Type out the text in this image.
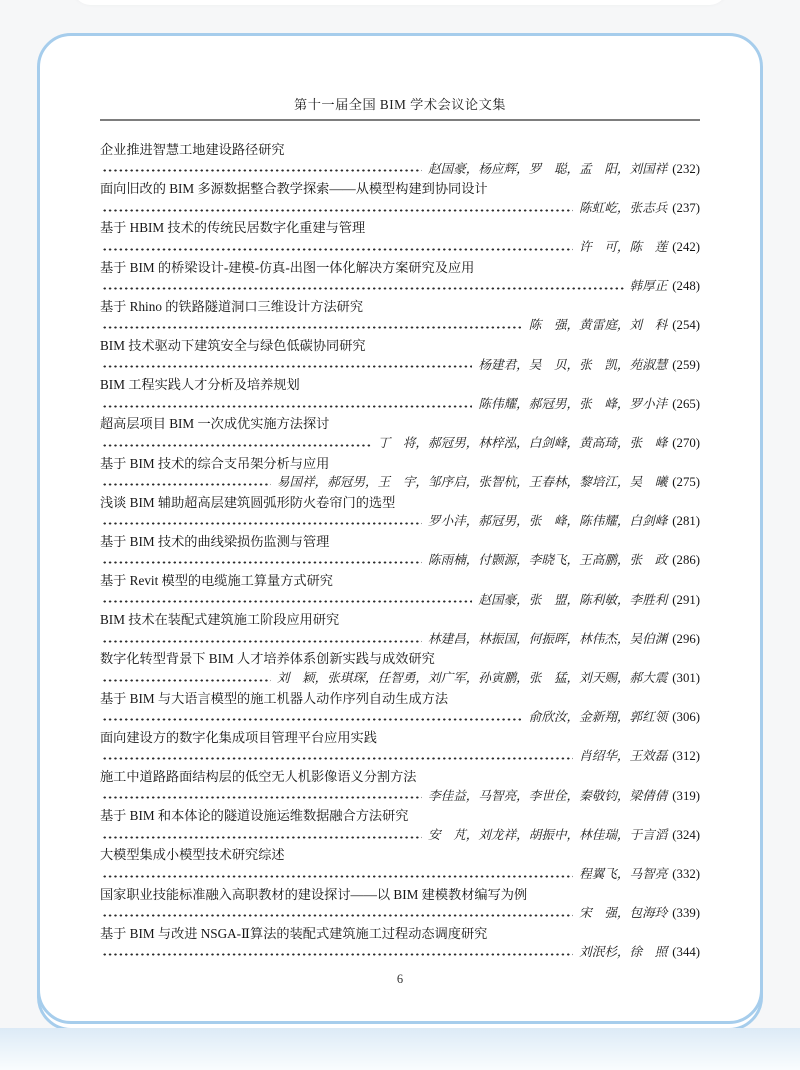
第十一届全国 BIM 学术会议论文集
企业推进智慧工地建设路径研究
赵国豪，杨应辉，罗　聪，孟　阳，刘国祥 (232)
面向旧改的 BIM 多源数据整合教学探索——从模型构建到协同设计
陈虹屹，张志兵 (237)
基于 HBIM 技术的传统民居数字化重建与管理
许　可，陈　莲 (242)
基于 BIM 的桥梁设计-建模-仿真-出图一体化解决方案研究及应用
韩厚正 (248)
基于 Rhino 的铁路隧道洞口三维设计方法研究
陈　强，黄雷庭，刘　科 (254)
BIM 技术驱动下建筑安全与绿色低碳协同研究
杨建君，吴　贝，张　凯，苑淑慧 (259)
BIM 工程实践人才分析及培养规划
陈伟耀，郝冠男，张　峰，罗小沣 (265)
超高层项目 BIM 一次成优实施方法探讨
丁　将，郝冠男，林梓泓，白剑峰，黄高琦，张　峰 (270)
基于 BIM 技术的综合支吊架分析与应用
易国祥，郝冠男，王　宇，邹序启，张智杭，王春林，黎培江，吴　曦 (275)
浅谈 BIM 辅助超高层建筑圆弧形防火卷帘门的选型
罗小沣，郝冠男，张　峰，陈伟耀，白剑峰 (281)
基于 BIM 技术的曲线梁损伤监测与管理
陈雨楠，付颢源，李晓飞，王高鹏，张　政 (286)
基于 Revit 模型的电缆施工算量方式研究
赵国豪，张　盟，陈利敏，李胜利 (291)
BIM 技术在装配式建筑施工阶段应用研究
林建昌，林振国，何振晖，林伟杰，吴伯渊 (296)
数字化转型背景下 BIM 人才培养体系创新实践与成效研究
刘　颖，张琪琛，任智勇，刘广军，孙寅鹏，张　猛，刘天赐，郝大震 (301)
基于 BIM 与大语言模型的施工机器人动作序列自动生成方法
俞欣汝，金新翔，郭红领 (306)
面向建设方的数字化集成项目管理平台应用实践
肖绍华，王效磊 (312)
施工中道路路面结构层的低空无人机影像语义分割方法
李佳益，马智亮，李世佺，秦敬钧，梁倩倩 (319)
基于 BIM 和本体论的隧道设施运维数据融合方法研究
安　芃，刘龙祥，胡振中，林佳瑞，于言滔 (324)
大模型集成小模型技术研究综述
程翼飞，马智亮 (332)
国家职业技能标准融入高职教材的建设探讨——以 BIM 建模教材编写为例
宋　强，包海玲 (339)
基于 BIM 与改进 NSGA-Ⅱ算法的装配式建筑施工过程动态调度研究
刘泯杉，徐　照 (344)
6
